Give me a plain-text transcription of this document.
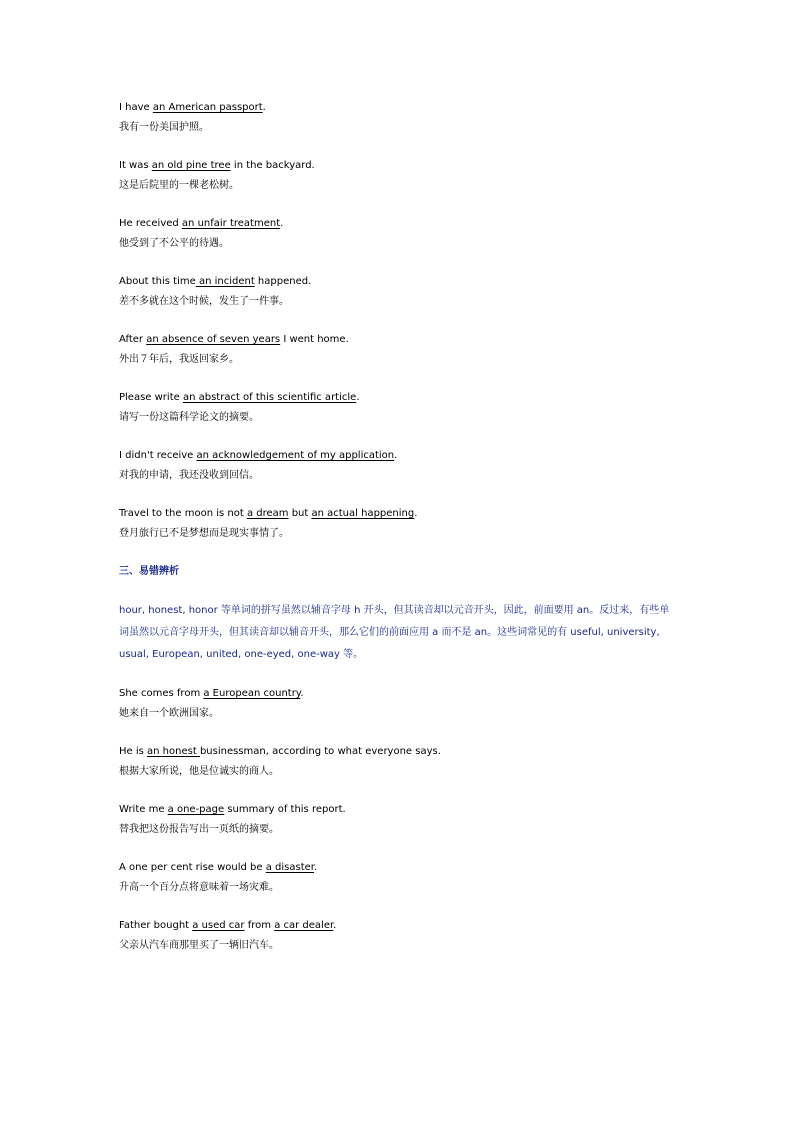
I have an American passport.

我有一份美国护照。

It was an old pine tree in the backyard.

这是后院里的一棵老松树。

He received an unfair treatment.

他受到了不公平的待遇。

About this time an incident happened.

差不多就在这个时候，发生了一件事。

After an absence of seven years I went home.

外出７年后，我返回家乡。

Please write an abstract of this scientific article.

请写一份这篇科学论文的摘要。

I didn't receive an acknowledgement of my application.

对我的申请，我还没收到回信。

Travel to the moon is not a dream but an actual happening.

登月旅行已不是梦想而是现实事情了。

三、易错辨析

hour, honest, honor 等单词的拼写虽然以辅音字母 h 开头，但其读音却以元音开头，因此，前面要用 an。反过来，有些单词虽然以元音字母开头，但其读音却以辅音开头，那么它们的前面应用 a 而不是 an。这些词常见的有 useful, university, usual, European, united, one-eyed, one-way 等。

She comes from a European country.

她来自一个欧洲国家。

He is an honest businessman, according to what everyone says.

根据大家所说，他是位诚实的商人。

Write me a one-page summary of this report.

替我把这份报告写出一页纸的摘要。

A one per cent rise would be a disaster.

升高一个百分点将意味着一场灾难。

Father bought a used car from a car dealer.

父亲从汽车商那里买了一辆旧汽车。
